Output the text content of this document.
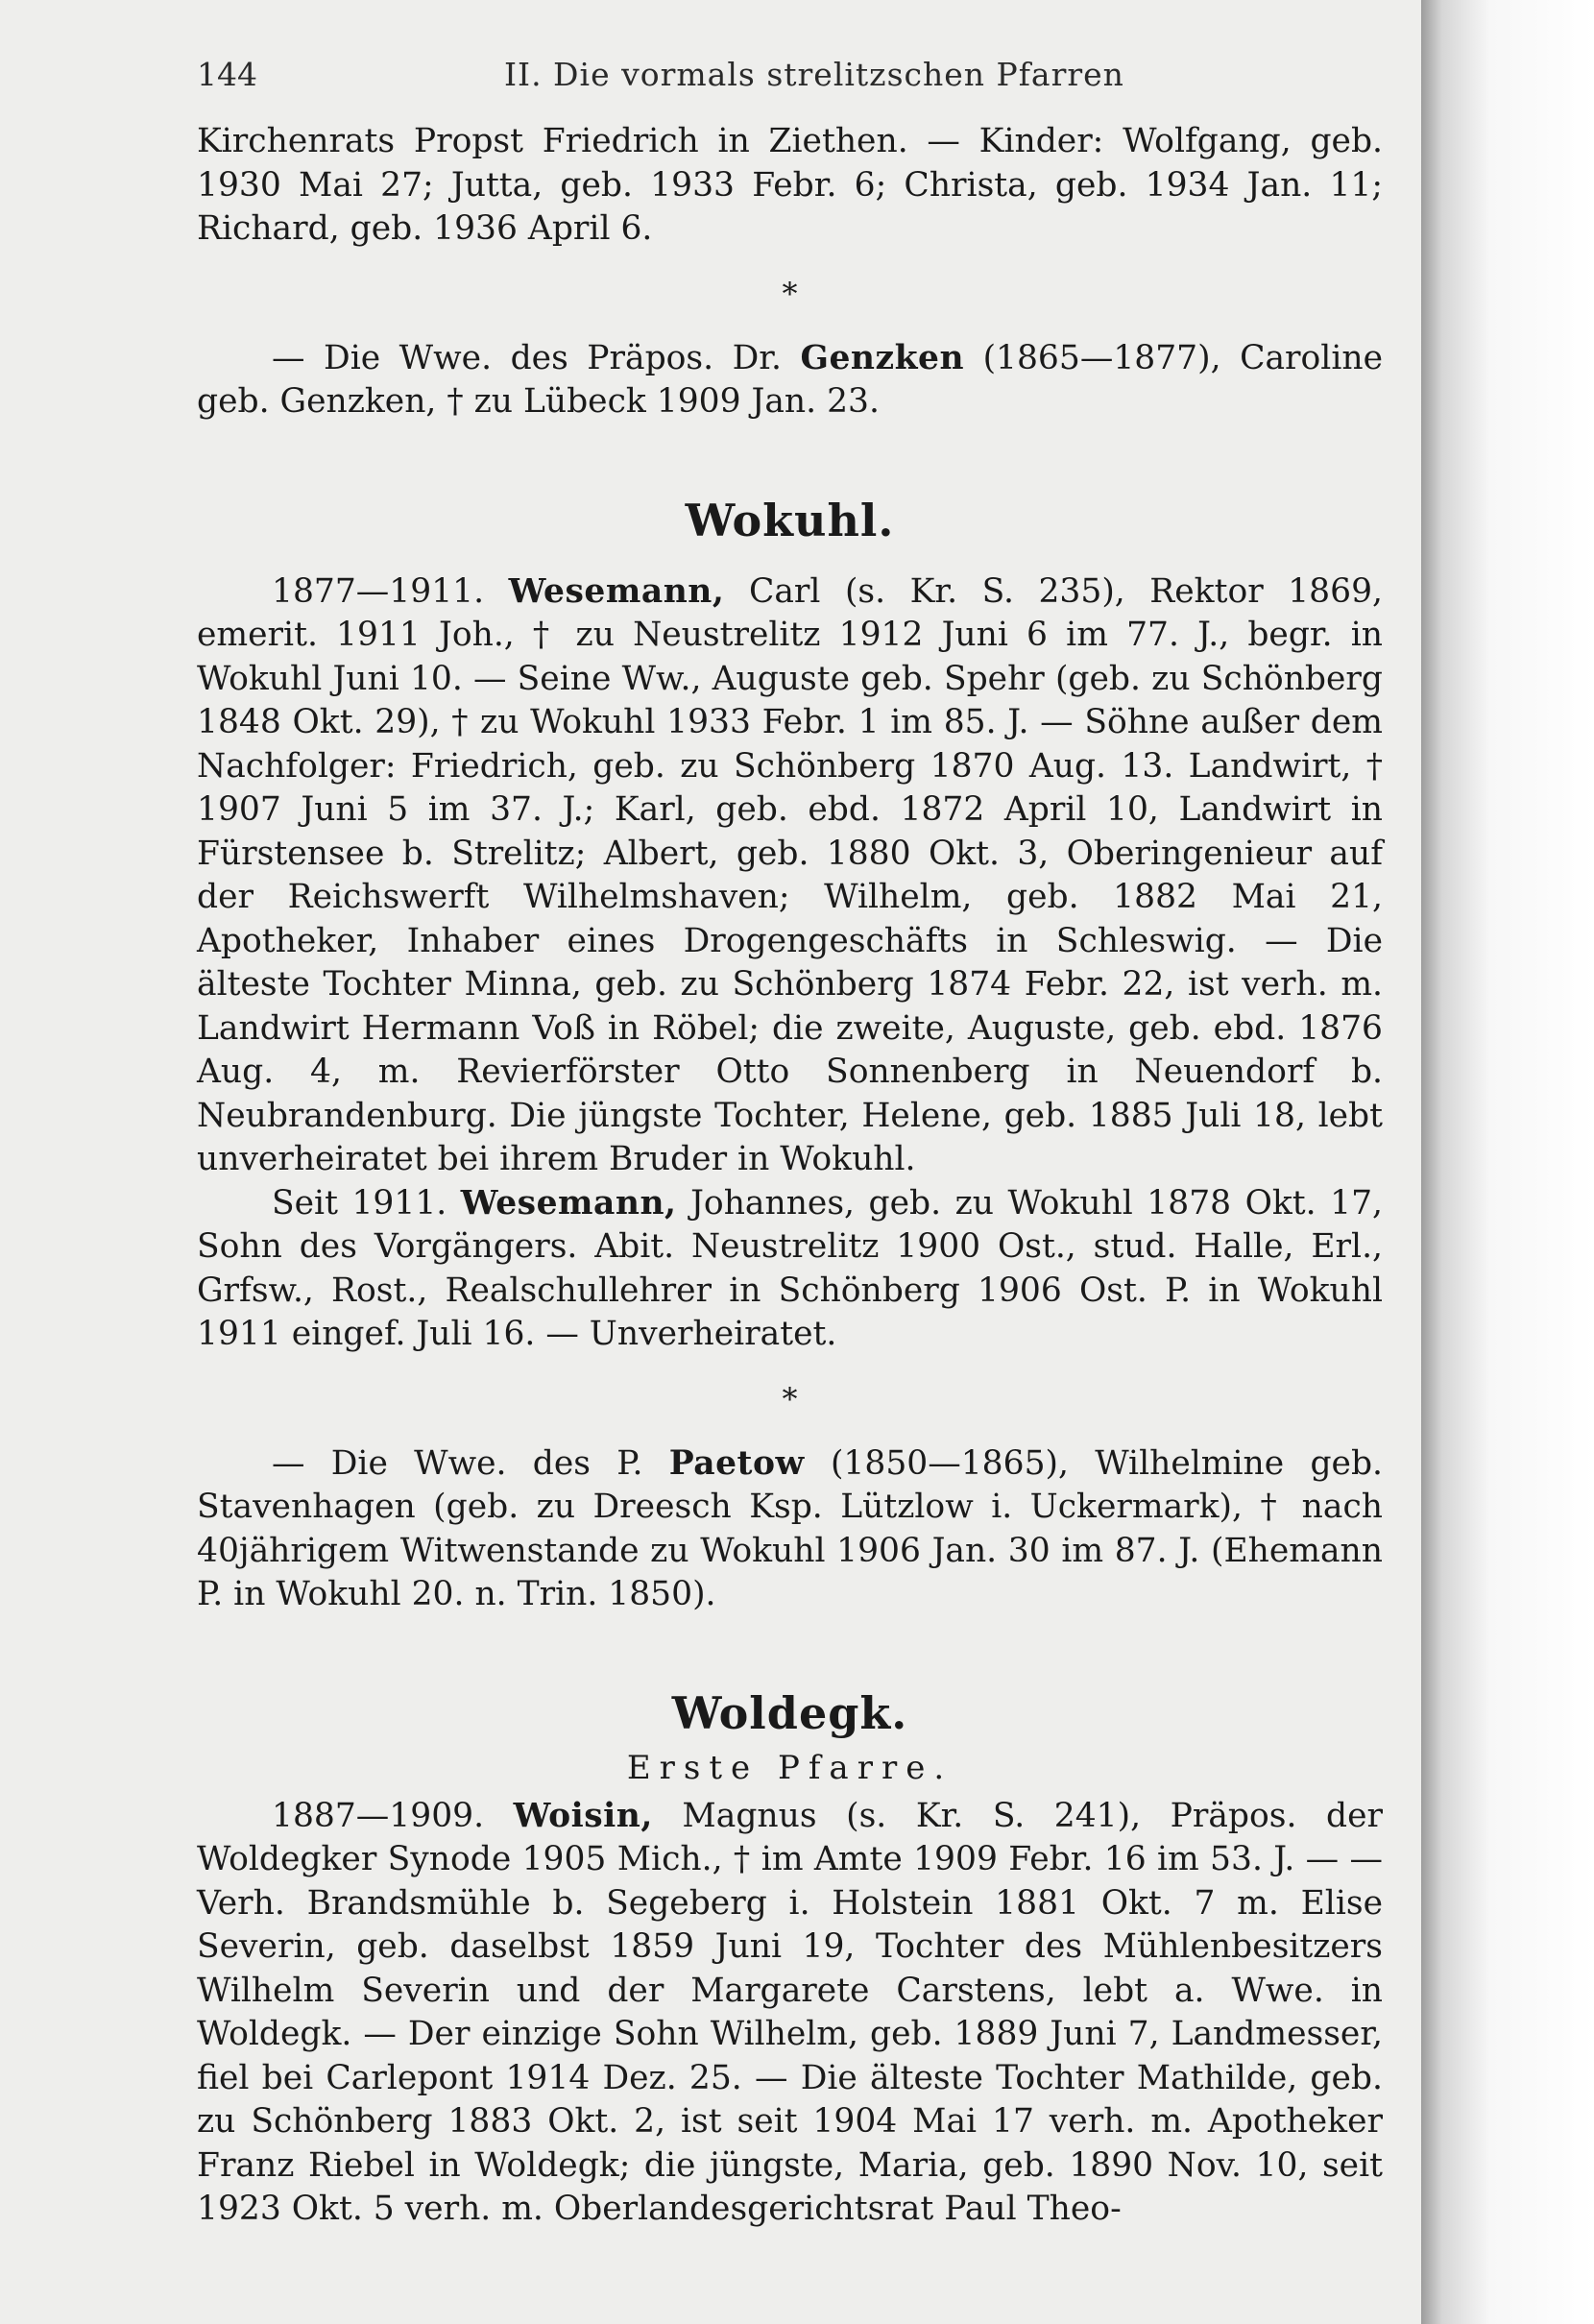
144	II. Die vormals strelitzschen Pfarren

Kirchenrats Propst Friedrich in Ziethen. — Kinder: Wolfgang, geb. 1930 Mai 27; Jutta, geb. 1933 Febr. 6; Christa, geb. 1934 Jan. 11; Richard, geb. 1936 April 6.

*

— Die Wwe. des Präpos. Dr. Genzken (1865—1877), Caroline geb. Genzken, † zu Lübeck 1909 Jan. 23.

Wokuhl.

1877—1911. Wesemann, Carl (s. Kr. S. 235), Rektor 1869, emerit. 1911 Joh., † zu Neustrelitz 1912 Juni 6 im 77. J., begr. in Wokuhl Juni 10. — Seine Ww., Auguste geb. Spehr (geb. zu Schönberg 1848 Okt. 29), † zu Wokuhl 1933 Febr. 1 im 85. J. — Söhne außer dem Nachfolger: Friedrich, geb. zu Schönberg 1870 Aug. 13. Landwirt, † 1907 Juni 5 im 37. J.; Karl, geb. ebd. 1872 April 10, Landwirt in Fürstensee b. Strelitz; Albert, geb. 1880 Okt. 3, Oberingenieur auf der Reichswerft Wilhelmshaven; Wilhelm, geb. 1882 Mai 21, Apotheker, Inhaber eines Drogengeschäfts in Schleswig. — Die älteste Tochter Minna, geb. zu Schönberg 1874 Febr. 22, ist verh. m. Landwirt Hermann Voß in Röbel; die zweite, Auguste, geb. ebd. 1876 Aug. 4, m. Revierförster Otto Sonnenberg in Neuendorf b. Neubrandenburg. Die jüngste Tochter, Helene, geb. 1885 Juli 18, lebt unverheiratet bei ihrem Bruder in Wokuhl.

Seit 1911. Wesemann, Johannes, geb. zu Wokuhl 1878 Okt. 17, Sohn des Vorgängers. Abit. Neustrelitz 1900 Ost., stud. Halle, Erl., Grfsw., Rost., Realschullehrer in Schönberg 1906 Ost. P. in Wokuhl 1911 eingef. Juli 16. — Unverheiratet.

*

— Die Wwe. des P. Paetow (1850—1865), Wilhelmine geb. Stavenhagen (geb. zu Dreesch Ksp. Lützlow i. Uckermark), † nach 40jährigem Witwenstande zu Wokuhl 1906 Jan. 30 im 87. J. (Ehemann P. in Wokuhl 20. n. Trin. 1850).

Woldegk.
Erste Pfarre.

1887—1909. Woisin, Magnus (s. Kr. S. 241), Präpos. der Woldegker Synode 1905 Mich., † im Amte 1909 Febr. 16 im 53. J. — — Verh. Brandsmühle b. Segeberg i. Holstein 1881 Okt. 7 m. Elise Severin, geb. daselbst 1859 Juni 19, Tochter des Mühlenbesitzers Wilhelm Severin und der Margarete Carstens, lebt a. Wwe. in Woldegk. — Der einzige Sohn Wilhelm, geb. 1889 Juni 7, Landmesser, fiel bei Carlepont 1914 Dez. 25. — Die älteste Tochter Mathilde, geb. zu Schönberg 1883 Okt. 2, ist seit 1904 Mai 17 verh. m. Apotheker Franz Riebel in Woldegk; die jüngste, Maria, geb. 1890 Nov. 10, seit 1923 Okt. 5 verh. m. Oberlandesgerichtsrat Paul Theo-
